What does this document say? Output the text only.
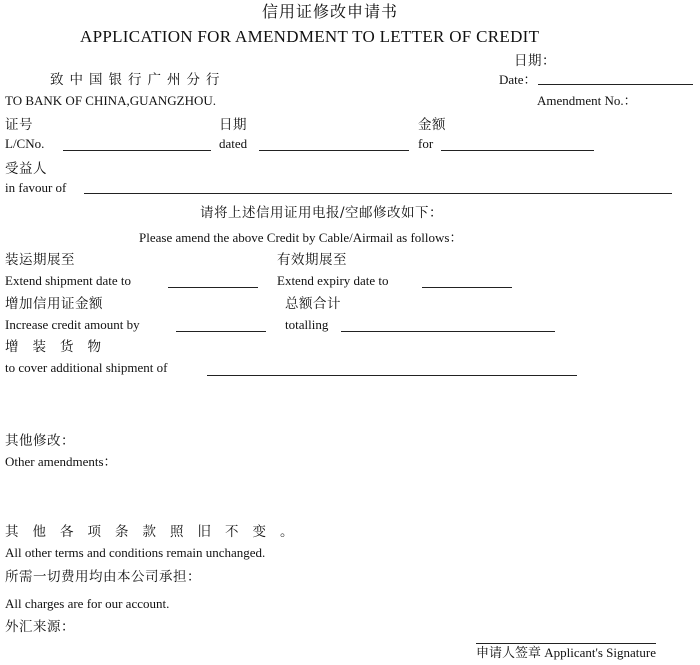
信用证修改申请书
APPLICATION FOR AMENDMENT TO LETTER OF CREDIT
日期：
Date：
致中国银行广州分行
TO BANK OF CHINA,GUANGZHOU.	Amendment No.：
证号
L/CNo.
日期
dated
金额
for
受益人
in favour of
请将上述信用证用电报/空邮修改如下：
Please amend the above Credit by Cable/Airmail as follows：
装运期展至
Extend shipment date to
有效期展至
Extend expiry date to
增加信用证金额
Increase credit amount by
总额合计
totalling
增装货物
to cover additional shipment of
其他修改：
Other amendments：
其他各项条款照旧不变。
All other terms and conditions remain unchanged.
所需一切费用均由本公司承担：
All charges are for our account.
外汇来源：
申请人签章 Applicant's Signature
